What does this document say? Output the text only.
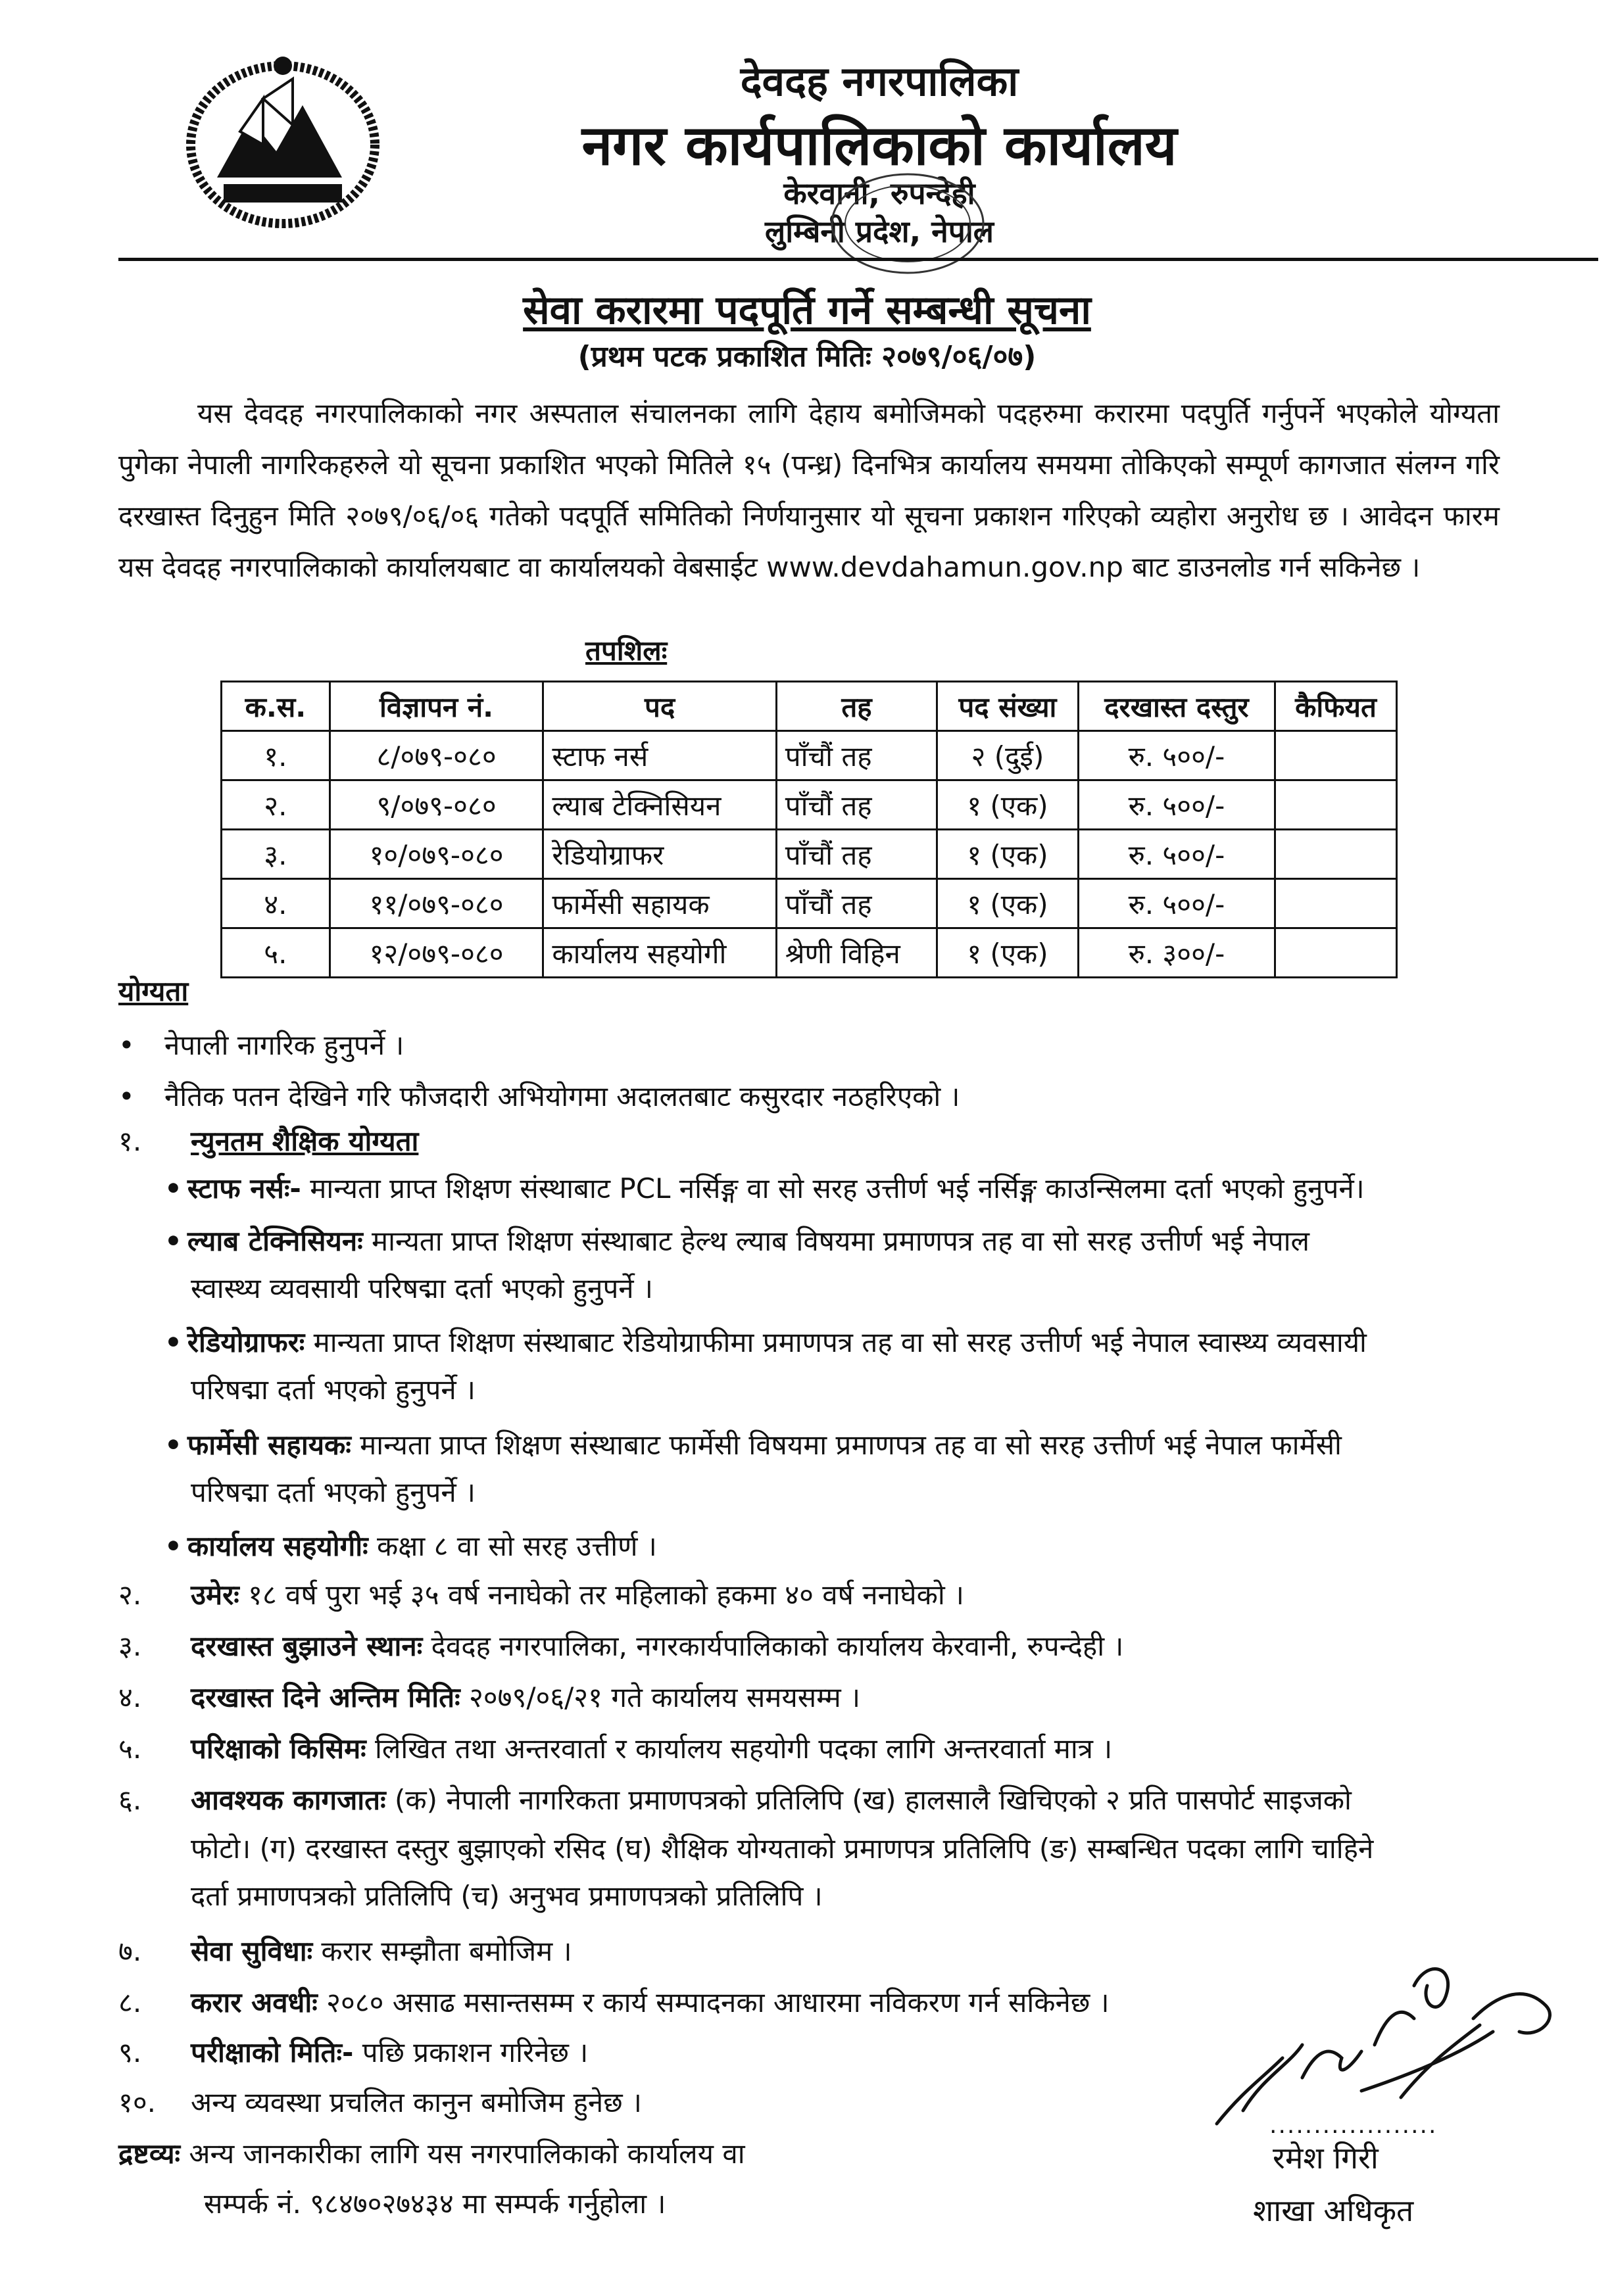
देवदह नगरपालिका
नगर कार्यपालिकाको कार्यालय
केरवानी, रुपन्देही
लुम्बिनी प्रदेश, नेपाल
सेवा करारमा पदपूर्ति गर्ने सम्बन्धी सूचना
(प्रथम पटक प्रकाशित मितिः २०७९/०६/०७)
यस देवदह नगरपालिकाको नगर अस्पताल संचालनका लागि देहाय बमोजिमको पदहरुमा करारमा पदपुर्ति गर्नुपर्ने भएकोले योग्यता पुगेका नेपाली नागरिकहरुले यो सूचना प्रकाशित भएको मितिले १५ (पन्ध्र) दिनभित्र कार्यालय समयमा तोकिएको सम्पूर्ण कागजात संलग्न गरि दरखास्त दिनुहुन मिति २०७९/०६/०६ गतेको पदपूर्ति समितिको निर्णयानुसार यो सूचना प्रकाशन गरिएको व्यहोरा अनुरोध छ । आवेदन फारम यस देवदह नगरपालिकाको कार्यालयबाट वा कार्यालयको वेबसाईट www.devdahamun.gov.np बाट डाउनलोड गर्न सकिनेछ ।
तपशिलः
क.स.	विज्ञापन नं.	पद	तह	पद संख्या	दरखास्त दस्तुर	कैफियत
१.	८/०७९-०८०	स्टाफ नर्स	पाँचौं तह	२ (दुई)	रु. ५००/-	
२.	९/०७९-०८०	ल्याब टेक्निसियन	पाँचौं तह	१ (एक)	रु. ५००/-	
३.	१०/०७९-०८०	रेडियोग्राफर	पाँचौं तह	१ (एक)	रु. ५००/-	
४.	११/०७९-०८०	फार्मेसी सहायक	पाँचौं तह	१ (एक)	रु. ५००/-	
५.	१२/०७९-०८०	कार्यालय सहयोगी	श्रेणी विहिन	१ (एक)	रु. ३००/-	
योग्यता
• नेपाली नागरिक हुनुपर्ने ।
• नैतिक पतन देखिने गरि फौजदारी अभियोगमा अदालतबाट कसुरदार नठहरिएको ।
१. न्युनतम शैक्षिक योग्यता
• स्टाफ नर्सः- मान्यता प्राप्त शिक्षण संस्थाबाट PCL नर्सिङ्ग वा सो सरह उत्तीर्ण भई नर्सिङ्ग काउन्सिलमा दर्ता भएको हुनुपर्ने।
• ल्याब टेक्निसियनः मान्यता प्राप्त शिक्षण संस्थाबाट हेल्थ ल्याब विषयमा प्रमाणपत्र तह वा सो सरह उत्तीर्ण भई नेपाल
स्वास्थ्य व्यवसायी परिषद्मा दर्ता भएको हुनुपर्ने ।
• रेडियोग्राफरः मान्यता प्राप्त शिक्षण संस्थाबाट रेडियोग्राफीमा प्रमाणपत्र तह वा सो सरह उत्तीर्ण भई नेपाल स्वास्थ्य व्यवसायी
परिषद्मा दर्ता भएको हुनुपर्ने ।
• फार्मेसी सहायकः मान्यता प्राप्त शिक्षण संस्थाबाट फार्मेसी विषयमा प्रमाणपत्र तह वा सो सरह उत्तीर्ण भई नेपाल फार्मेसी
परिषद्मा दर्ता भएको हुनुपर्ने ।
• कार्यालय सहयोगीः कक्षा ८ वा सो सरह उत्तीर्ण ।
२. उमेरः १८ वर्ष पुरा भई ३५ वर्ष ननाघेको तर महिलाको हकमा ४० वर्ष ननाघेको ।
३. दरखास्त बुझाउने स्थानः देवदह नगरपालिका, नगरकार्यपालिकाको कार्यालय केरवानी, रुपन्देही ।
४. दरखास्त दिने अन्तिम मितिः २०७९/०६/२१ गते कार्यालय समयसम्म ।
५. परिक्षाको किसिमः लिखित तथा अन्तरवार्ता र कार्यालय सहयोगी पदका लागि अन्तरवार्ता मात्र ।
६. आवश्यक कागजातः (क) नेपाली नागरिकता प्रमाणपत्रको प्रतिलिपि (ख) हालसालै खिचिएको २ प्रति पासपोर्ट साइजको
फोटो। (ग) दरखास्त दस्तुर बुझाएको रसिद (घ) शैक्षिक योग्यताको प्रमाणपत्र प्रतिलिपि (ङ) सम्बन्धित पदका लागि चाहिने
दर्ता प्रमाणपत्रको प्रतिलिपि (च) अनुभव प्रमाणपत्रको प्रतिलिपि ।
७. सेवा सुविधाः करार सम्झौता बमोजिम ।
८. करार अवधीः २०८० असाढ मसान्तसम्म र कार्य सम्पादनका आधारमा नविकरण गर्न सकिनेछ ।
९. परीक्षाको मितिः- पछि प्रकाशन गरिनेछ ।
१०. अन्य व्यवस्था प्रचलित कानुन बमोजिम हुनेछ ।
द्रष्टव्यः अन्य जानकारीका लागि यस नगरपालिकाको कार्यालय वा
सम्पर्क नं. ९८४७०२७४३४ मा सम्पर्क गर्नुहोला ।
...................
रमेश गिरी
शाखा अधिकृत
